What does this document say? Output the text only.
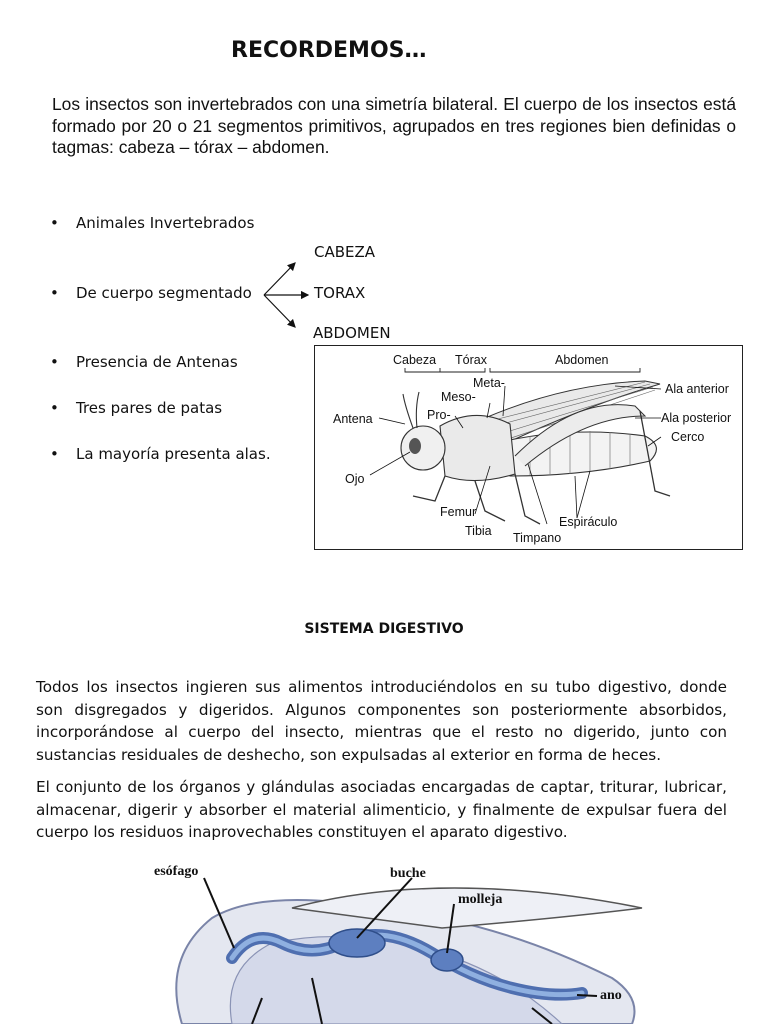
RECORDEMOS…
Los insectos son invertebrados con una simetría bilateral. El cuerpo de los insectos está formado por 20 o 21 segmentos primitivos, agrupados en tres regiones bien definidas o tagmas: cabeza – tórax – abdomen.
• Animales Invertebrados
• De cuerpo segmentado
• Presencia de Antenas
• Tres pares de patas
• La mayoría presenta alas.
CABEZA
TORAX
ABDOMEN
Cabeza Tórax	Abdomen
Meta-
Meso-
Pro-
Antena
Ojo
Femur
Tibia Timpano
Espiráculo
Ala anterior
Ala posterior
Cerco
SISTEMA DIGESTIVO
Todos los insectos ingieren sus alimentos introduciéndolos en su tubo digestivo, donde son disgregados y digeridos. Algunos componentes son posteriormente absorbidos, incorporándose al cuerpo del insecto, mientras que el resto no digerido, junto con sustancias residuales de deshecho, son expulsadas al exterior en forma de heces.
El conjunto de los órganos y glándulas asociadas encargadas de captar, triturar, lubricar, almacenar, digerir y absorber el material alimenticio, y finalmente de expulsar fuera del cuerpo los residuos inaprovechables constituyen el aparato digestivo.
esófago	buche
molleja
ano
